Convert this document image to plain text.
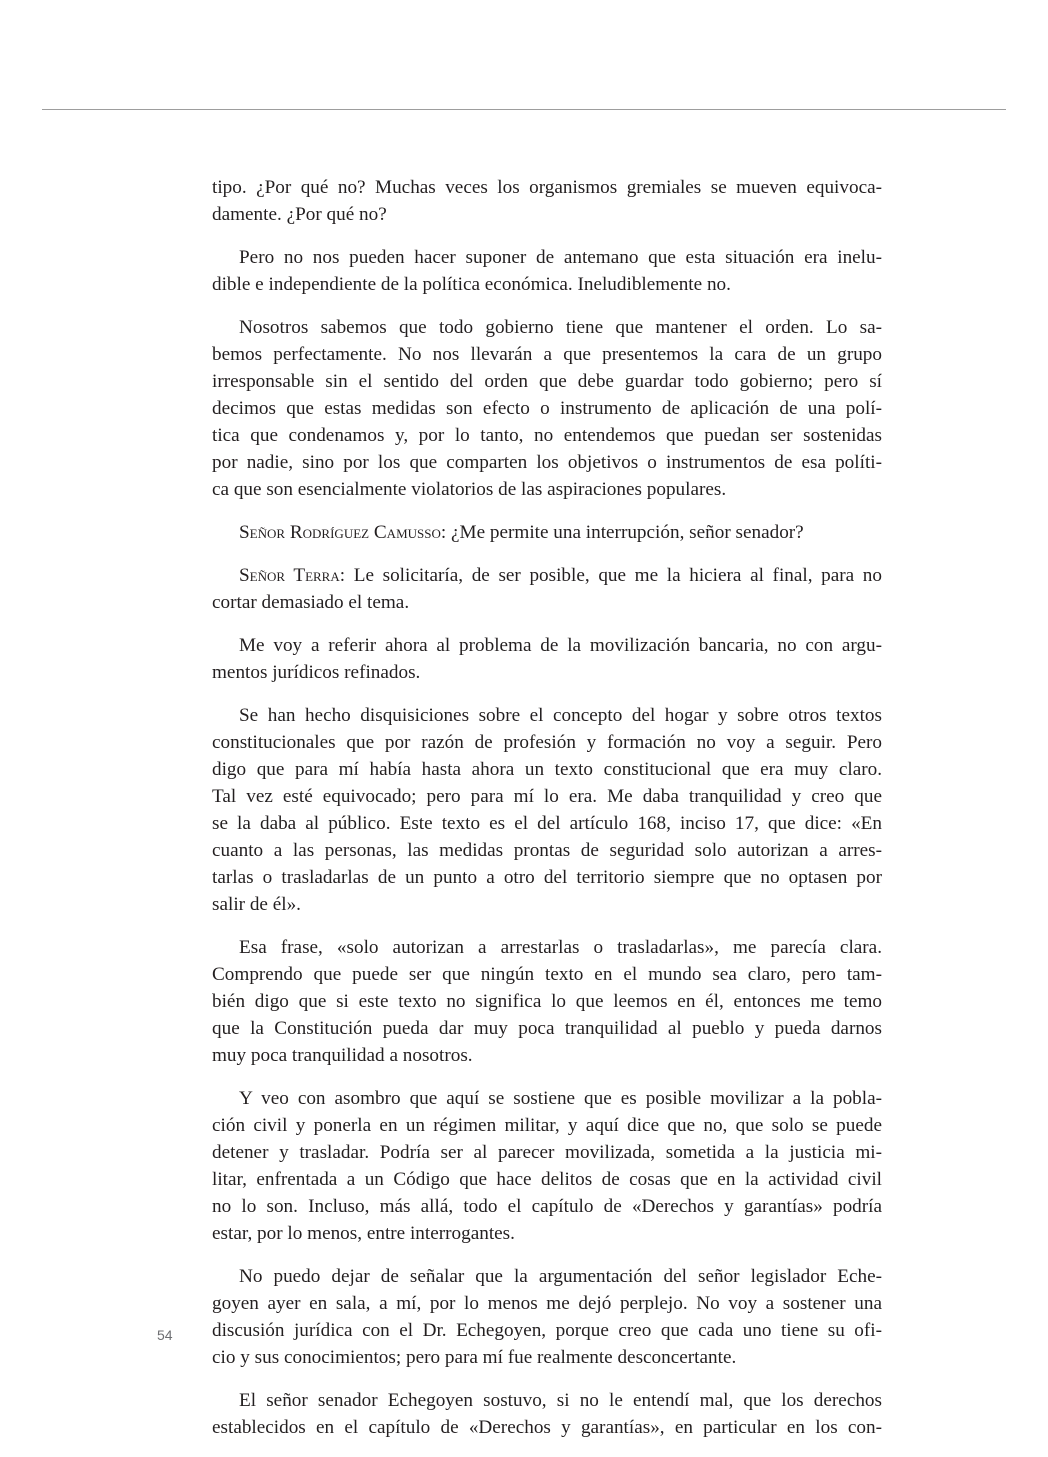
tipo. ¿Por qué no? Muchas veces los organismos gremiales se mueven equivoca-
damente. ¿Por qué no?

Pero no nos pueden hacer suponer de antemano que esta situación era inelu-
dible e independiente de la política económica. Ineludiblemente no.

Nosotros sabemos que todo gobierno tiene que mantener el orden. Lo sa-
bemos perfectamente. No nos llevarán a que presentemos la cara de un grupo
irresponsable sin el sentido del orden que debe guardar todo gobierno; pero sí
decimos que estas medidas son efecto o instrumento de aplicación de una polí-
tica que condenamos y, por lo tanto, no entendemos que puedan ser sostenidas
por nadie, sino por los que comparten los objetivos o instrumentos de esa políti-
ca que son esencialmente violatorios de las aspiraciones populares.

Señor Rodríguez Camusso: ¿Me permite una interrupción, señor senador?

Señor Terra: Le solicitaría, de ser posible, que me la hiciera al final, para no
cortar demasiado el tema.

Me voy a referir ahora al problema de la movilización bancaria, no con argu-
mentos jurídicos refinados.

Se han hecho disquisiciones sobre el concepto del hogar y sobre otros textos
constitucionales que por razón de profesión y formación no voy a seguir. Pero
digo que para mí había hasta ahora un texto constitucional que era muy claro.
Tal vez esté equivocado; pero para mí lo era. Me daba tranquilidad y creo que
se la daba al público. Este texto es el del artículo 168, inciso 17, que dice: «En
cuanto a las personas, las medidas prontas de seguridad solo autorizan a arres-
tarlas o trasladarlas de un punto a otro del territorio siempre que no optasen por
salir de él».

Esa frase, «solo autorizan a arrestarlas o trasladarlas», me parecía clara.
Comprendo que puede ser que ningún texto en el mundo sea claro, pero tam-
bién digo que si este texto no significa lo que leemos en él, entonces me temo
que la Constitución pueda dar muy poca tranquilidad al pueblo y pueda darnos
muy poca tranquilidad a nosotros.

Y veo con asombro que aquí se sostiene que es posible movilizar a la pobla-
ción civil y ponerla en un régimen militar, y aquí dice que no, que solo se puede
detener y trasladar. Podría ser al parecer movilizada, sometida a la justicia mi-
litar, enfrentada a un Código que hace delitos de cosas que en la actividad civil
no lo son. Incluso, más allá, todo el capítulo de «Derechos y garantías» podría
estar, por lo menos, entre interrogantes.

No puedo dejar de señalar que la argumentación del señor legislador Eche-
goyen ayer en sala, a mí, por lo menos me dejó perplejo. No voy a sostener una
discusión jurídica con el Dr. Echegoyen, porque creo que cada uno tiene su ofi-
cio y sus conocimientos; pero para mí fue realmente desconcertante.

El señor senador Echegoyen sostuvo, si no le entendí mal, que los derechos
establecidos en el capítulo de «Derechos y garantías», en particular en los con-

54
